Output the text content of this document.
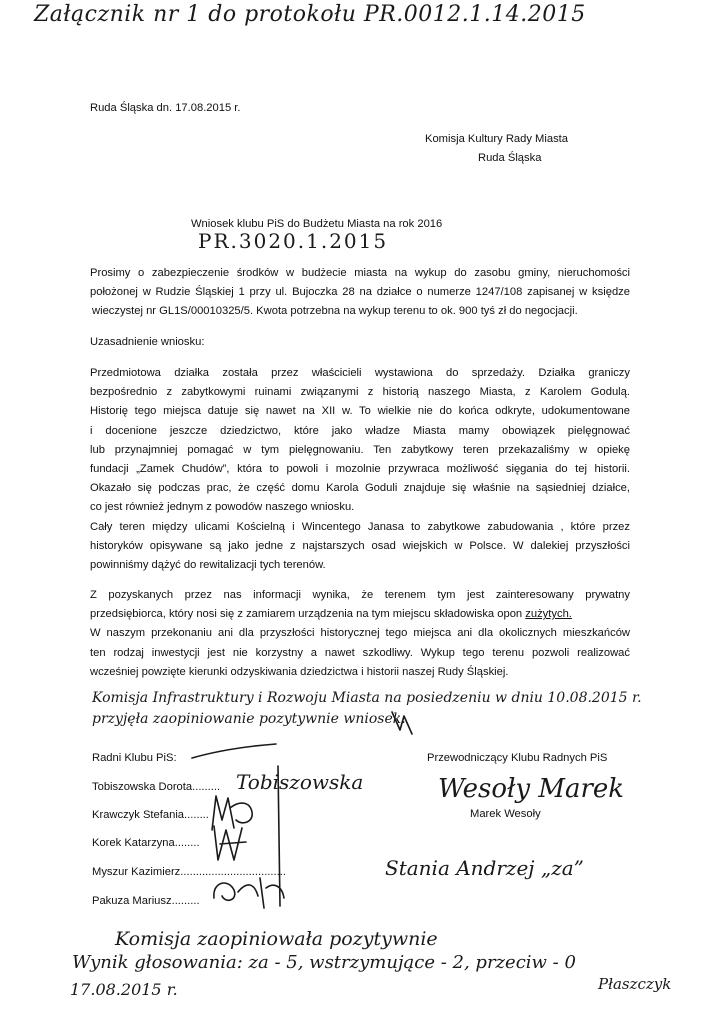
Załącznik nr 1 do protokołu PR.0012.1.14.2015
Ruda Śląska dn. 17.08.2015 r.
Komisja Kultury Rady Miasta
Ruda Śląska
Wniosek klubu PiS do Budżetu Miasta na rok 2016
PR.3020.1.2015
Prosimy o zabezpieczenie środków w budżecie miasta na wykup do zasobu gminy, nieruchomości
położonej w Rudzie Śląskiej 1 przy ul. Bujoczka 28 na działce o numerze 1247/108 zapisanej w księdze
wieczystej nr GL1S/00010325/5. Kwota potrzebna na wykup terenu to ok. 900 tyś zł do negocjacji.
Uzasadnienie wniosku:
Przedmiotowa działka została przez właścicieli wystawiona do sprzedaży. Działka graniczy
bezpośrednio z zabytkowymi ruinami związanymi z historią naszego Miasta, z Karolem Godulą.
Historię tego miejsca datuje się nawet na XII w. To wielkie nie do końca odkryte, udokumentowane
i docenione jeszcze dziedzictwo, które jako władze Miasta mamy obowiązek pielęgnować
lub przynajmniej pomagać w tym pielęgnowaniu. Ten zabytkowy teren przekazaliśmy w opiekę
fundacji „Zamek Chudów”, która to powoli i mozolnie przywraca możliwość sięgania do tej historii.
Okazało się podczas prac, że część domu Karola Goduli znajduje się właśnie na sąsiedniej działce,
co jest również jednym z powodów naszego wniosku.
Cały teren między ulicami Kościelną i Wincentego Janasa to zabytkowe zabudowania , które przez
historyków opisywane są jako jedne z najstarszych osad wiejskich w Polsce. W dalekiej przyszłości
powinniśmy dążyć do rewitalizacji tych terenów.
Z pozyskanych przez nas informacji wynika, że terenem tym jest zainteresowany prywatny
przedsiębiorca, który nosi się z zamiarem urządzenia na tym miejscu składowiska opon zużytych.
W naszym przekonaniu ani dla przyszłości historycznej tego miejsca ani dla okolicznych mieszkańców
ten rodzaj inwestycji jest nie korzystny a nawet szkodliwy. Wykup tego terenu pozwoli realizować
wcześniej powzięte kierunki odzyskiwania dziedzictwa i historii naszej Rudy Śląskiej.
Komisja Infrastruktury i Rozwoju Miasta na posiedzeniu w dniu 10.08.2015 r.
przyjęła zaopiniowanie pozytywnie wniosek.
Radni Klubu PiS:
Tobiszowska Dorota......... Tobiszowska
Krawczyk Stefania........
Korek Katarzyna........
Myszur Kazimierz..................................
Pakuza Mariusz.........
Przewodniczący Klubu Radnych PiS
Wesoły Marek
Marek Wesoły
Stania Andrzej „za”
Komisja zaopiniowała pozytywnie
Wynik głosowania: za - 5, wstrzymujące - 2, przeciw - 0
17.08.2015 r.	Płaszczyk
